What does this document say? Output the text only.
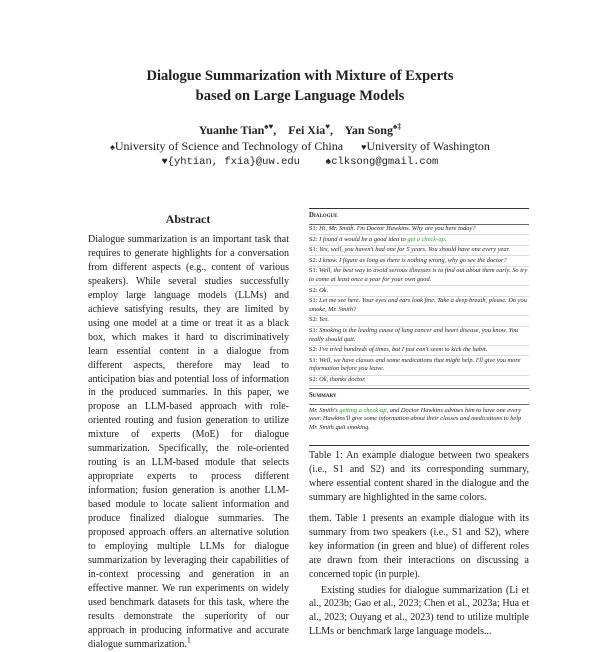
Dialogue Summarization with Mixture of Experts
based on Large Language Models
Yuanhe Tian♠♥,    Fei Xia♥,    Yan Song♠‡
♠University of Science and Technology of China ♥University of Washington
♥{yhtian, fxia}@uw.edu	♠clksong@gmail.com
Abstract
Dialogue summarization is an important task that requires to generate highlights for a conversation from different aspects (e.g., content of various speakers). While several studies successfully employ large language models (LLMs) and achieve satisfying results, they are limited by using one model at a time or treat it as a black box, which makes it hard to discriminatively learn essential content in a dialogue from different aspects, therefore may lead to anticipation bias and potential loss of information in the produced summaries. In this paper, we propose an LLM-based approach with role-oriented routing and fusion generation to utilize mixture of experts (MoE) for dialogue summarization. Specifically, the role-oriented routing is an LLM-based module that selects appropriate experts to process different information; fusion generation is another LLM-based module to locate salient information and produce finalized dialogue summaries. The proposed approach offers an alternative solution to employing multiple LLMs for dialogue summarization by leveraging their capabilities of in-context processing and generation in an effective manner. We run experiments on widely used benchmark datasets for this task, where the results demonstrate the superiority of our approach in producing informative and accurate dialogue summarization.$^1$
Dialogue
S1: Hi, Mr. Smith. I'm Doctor Hawkins. Why are you here today?
S2: I found it would be a good idea to get a check-up.
S1: Yes, well, you haven't had one for 5 years. You should have one every year.
S2: I know. I figure as long as there is nothing wrong, why go see the doctor?
S1: Well, the best way to avoid serious illnesses is to find out about them early. So try to come at least once a year for your own good.
S2: Ok.
S1: Let me see here. Your eyes and ears look fine. Take a deep breath, please. Do you smoke, Mr. Smith?
S2: Yes.
S1: Smoking is the leading cause of lung cancer and heart disease, you know. You really should quit.
S2: I've tried hundreds of times, but I just can't seem to kick the habit.
S1: Well, we have classes and some medications that might help. I'll give you more information before you leave.
S2: Ok, thanks doctor.
Summary
Mr. Smith's getting a check-up, and Doctor Hawkins advises him to have one every year. Hawkins'll give some information about their classes and medications to help Mr. Smith quit smoking.
Table 1: An example dialogue between two speakers (i.e., S1 and S2) and its corresponding summary, where essential content shared in the dialogue and the summary are highlighted in the same colors.
them. Table 1 presents an example dialogue with its summary from two speakers (i.e., S1 and S2), where key information (in green and blue) of different roles are drawn from their interactions on discussing a concerned topic (in purple).
Existing studies for dialogue summarization (Li et al., 2023b; Gao et al., 2023; Chen et al., 2023a; Hua et al., 2023; Ouyang et al., 2023) tend to utilize multiple LLMs or benchmark large language models...
